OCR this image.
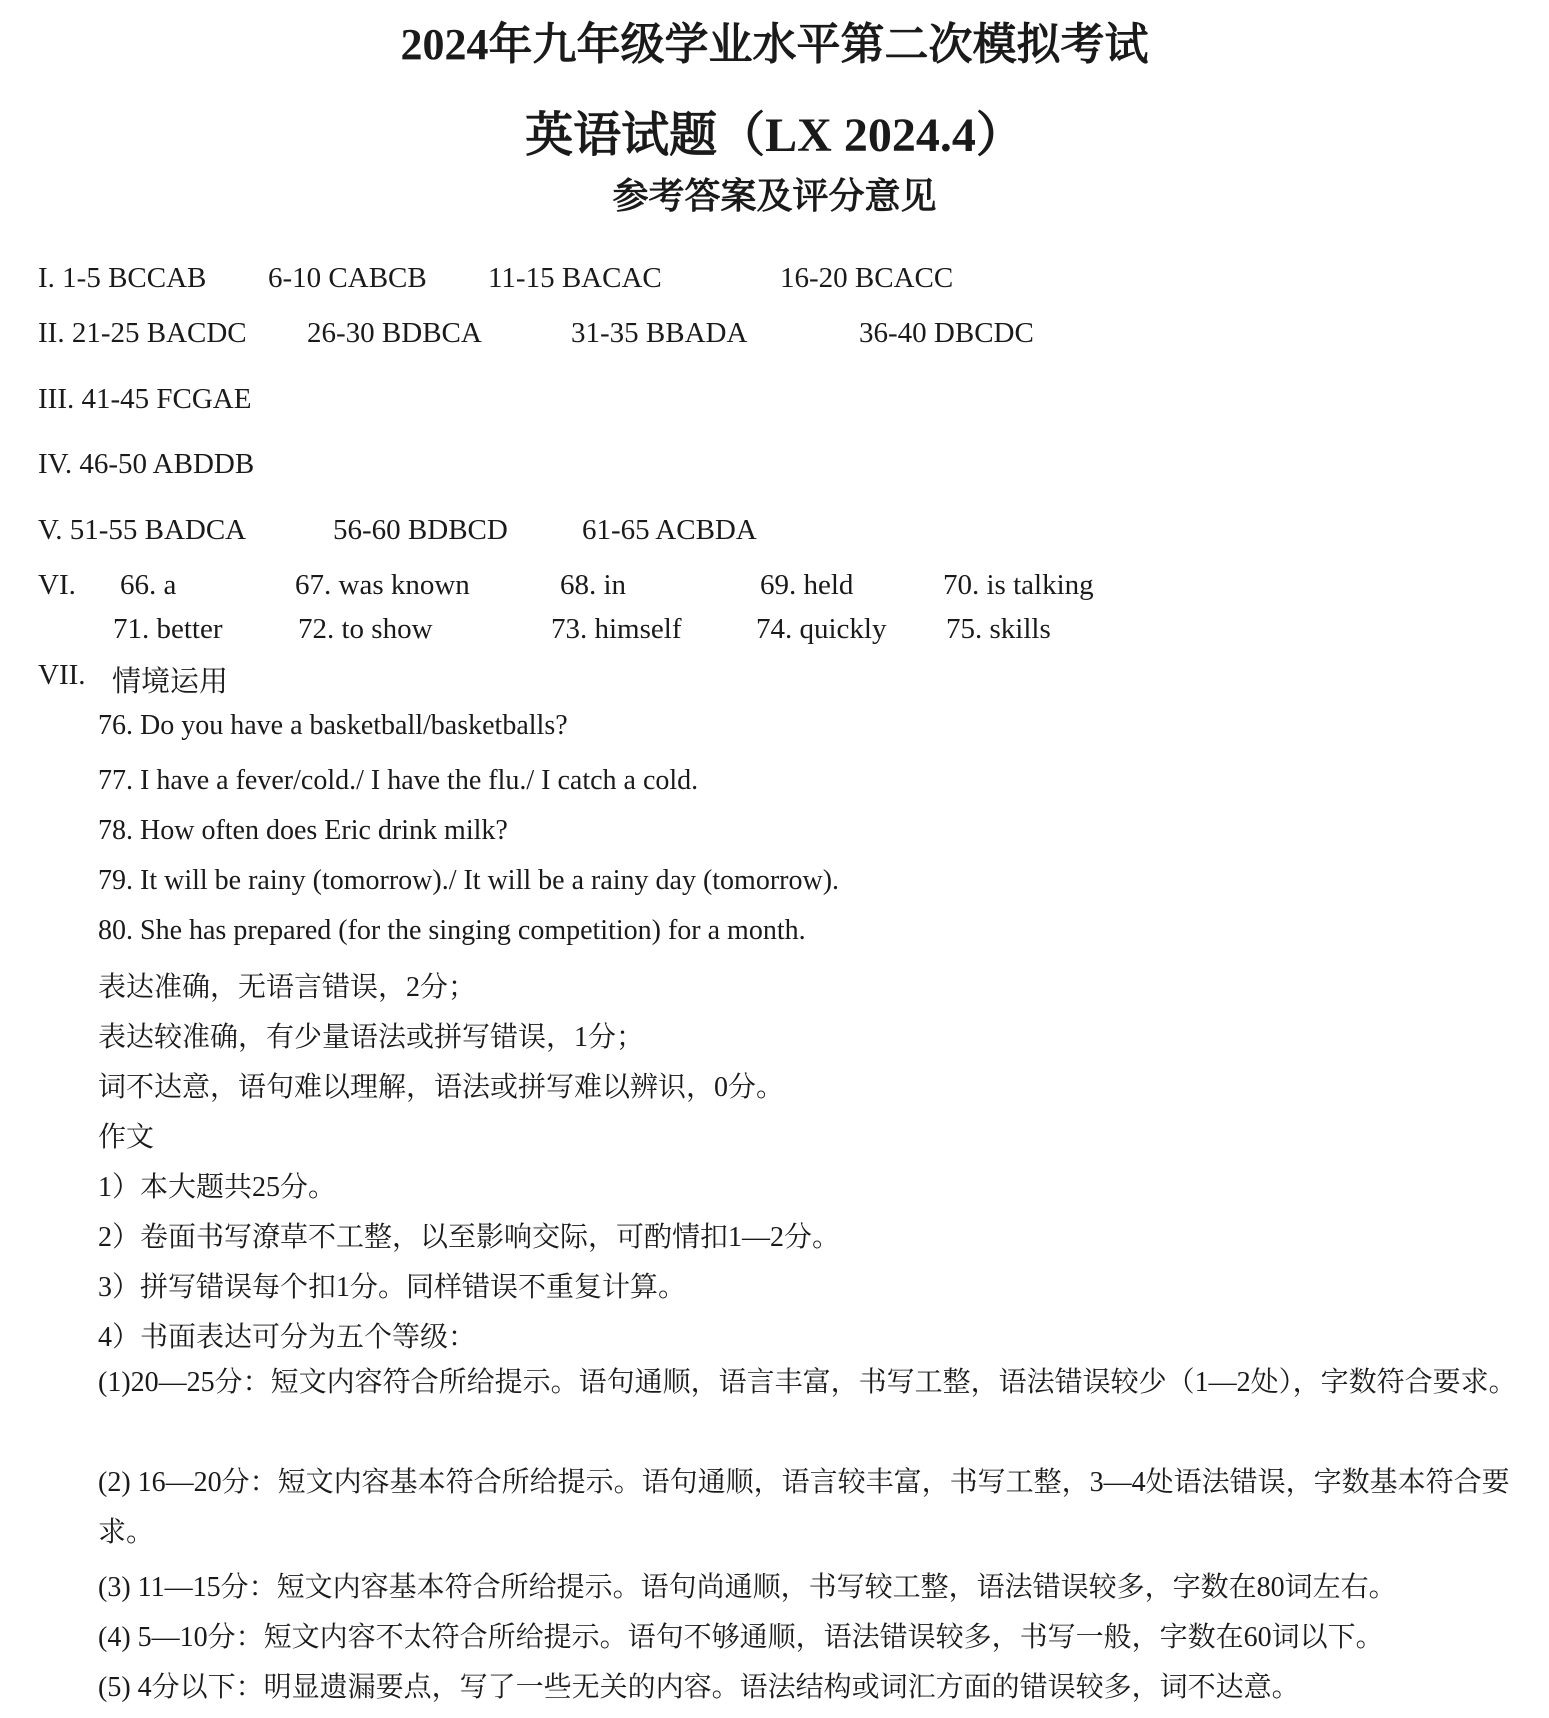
2024年九年级学业水平第二次模拟考试
英语试题（LX 2024.4）
参考答案及评分意见
I. 1-5 BCCAB 6-10 CABCB 11-15 BACAC	16-20 BCACC
II. 21-25 BACDC 26-30 BDBCA	31-35 BBADA	36-40 DBCDC
III. 41-45 FCGAE
IV. 46-50 ABDDB
V. 51-55 BADCA	56-60 BDBCD	61-65 ACBDA
VI. 66. a	67. was known	68. in	69. held	70. is talking
71. better	72. to show	73. himself	74. quickly 75. skills
VII. 情境运用
76. Do you have a basketball/basketballs?
77. I have a fever/cold./ I have the flu./ I catch a cold.
78. How often does Eric drink milk?
79. It will be rainy (tomorrow)./ It will be a rainy day (tomorrow).
80. She has prepared (for the singing competition) for a month.
表达准确，无语言错误，2分；
表达较准确，有少量语法或拼写错误，1分；
词不达意，语句难以理解，语法或拼写难以辨识，0分。
作文
1）本大题共25分。
2）卷面书写潦草不工整，以至影响交际，可酌情扣1—2分。
3）拼写错误每个扣1分。同样错误不重复计算。
4）书面表达可分为五个等级：
(1)20—25分：短文内容符合所给提示。语句通顺，语言丰富，书写工整，语法错误较少（1—2处），字数符合要求。
(2) 16—20分：短文内容基本符合所给提示。语句通顺，语言较丰富，书写工整，3—4处语法错误，字数基本符合要求。
(3) 11—15分：短文内容基本符合所给提示。语句尚通顺，书写较工整，语法错误较多，字数在80词左右。
(4) 5—10分：短文内容不太符合所给提示。语句不够通顺，语法错误较多，书写一般，字数在60词以下。
(5) 4分以下：明显遗漏要点，写了一些无关的内容。语法结构或词汇方面的错误较多，词不达意。
